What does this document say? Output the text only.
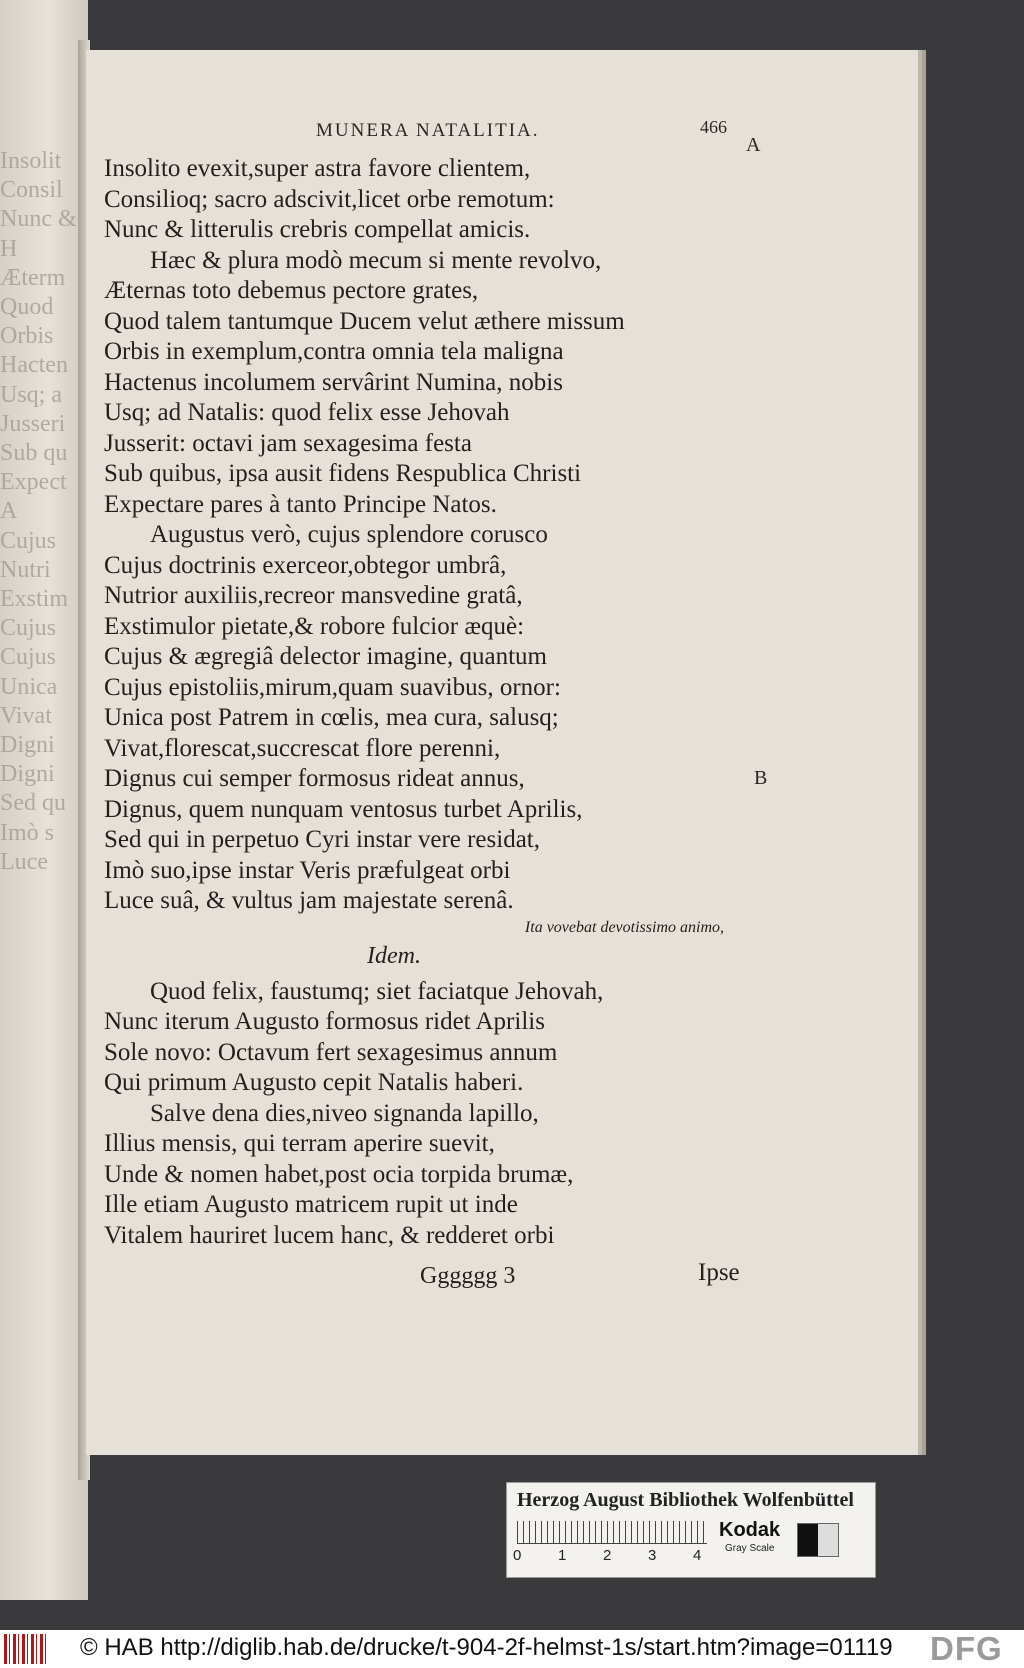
Insolit
Consil
Nunc &
H
Æterm
Quod
Orbis
Hacten
Usq; a
Jusseri
Sub qu
Expect
A
Cujus
Nutri
Exstim
Cujus
Cujus
Unica
Vivat
Digni
Digni
Sed qu
Imò s
Luce
MUNERA NATALITIA.	466
A
B
Insolito evexit,super astra favore clientem,
Consilioq; sacro adscivit,licet orbe remotum:
Nunc & litterulis crebris compellat amicis.
Hæc & plura modò mecum si mente revolvo,
Æternas toto debemus pectore grates,
Quod talem tantumque Ducem velut æthere missum
Orbis in exemplum,contra omnia tela maligna
Hactenus incolumem servârint Numina, nobis
Usq; ad Natalis: quod felix esse Jehovah
Jusserit: octavi jam sexagesima festa
Sub quibus, ipsa ausit fidens Respublica Christi
Expectare pares à tanto Principe Natos.
Augustus verò, cujus splendore corusco
Cujus doctrinis exerceor,obtegor umbrâ,
Nutrior auxiliis,recreor mansvedine gratâ,
Exstimulor pietate,& robore fulcior æquè:
Cujus & ægregiâ delector imagine, quantum
Cujus epistoliis,mirum,quam suavibus, ornor:
Unica post Patrem in cœlis, mea cura, salusq;
Vivat,florescat,succrescat flore perenni,
Dignus cui semper formosus rideat annus,
Dignus, quem nunquam ventosus turbet Aprilis,
Sed qui in perpetuo Cyri instar vere residat,
Imò suo,ipse instar Veris præfulgeat orbi
Luce suâ, & vultus jam majestate serenâ.
Ita vovebat devotissimo animo,
Idem.
Quod felix, faustumq; siet faciatque Jehovah,
Nunc iterum Augusto formosus ridet Aprilis
Sole novo: Octavum fert sexagesimus annum
Qui primum Augusto cepit Natalis haberi.
Salve dena dies,niveo signanda lapillo,
Illius mensis, qui terram aperire suevit,
Unde & nomen habet,post ocia torpida brumæ,
Ille etiam Augusto matricem rupit ut inde
Vitalem hauriret lucem hanc, & redderet orbi
Gggggg 3	Ipse
Herzog August Bibliothek Wolfenbüttel
0 1 2 3 4
Kodak
Gray Scale
© HAB http://diglib.hab.de/drucke/t-904-2f-helmst-1s/start.htm?image=01119 DFG
